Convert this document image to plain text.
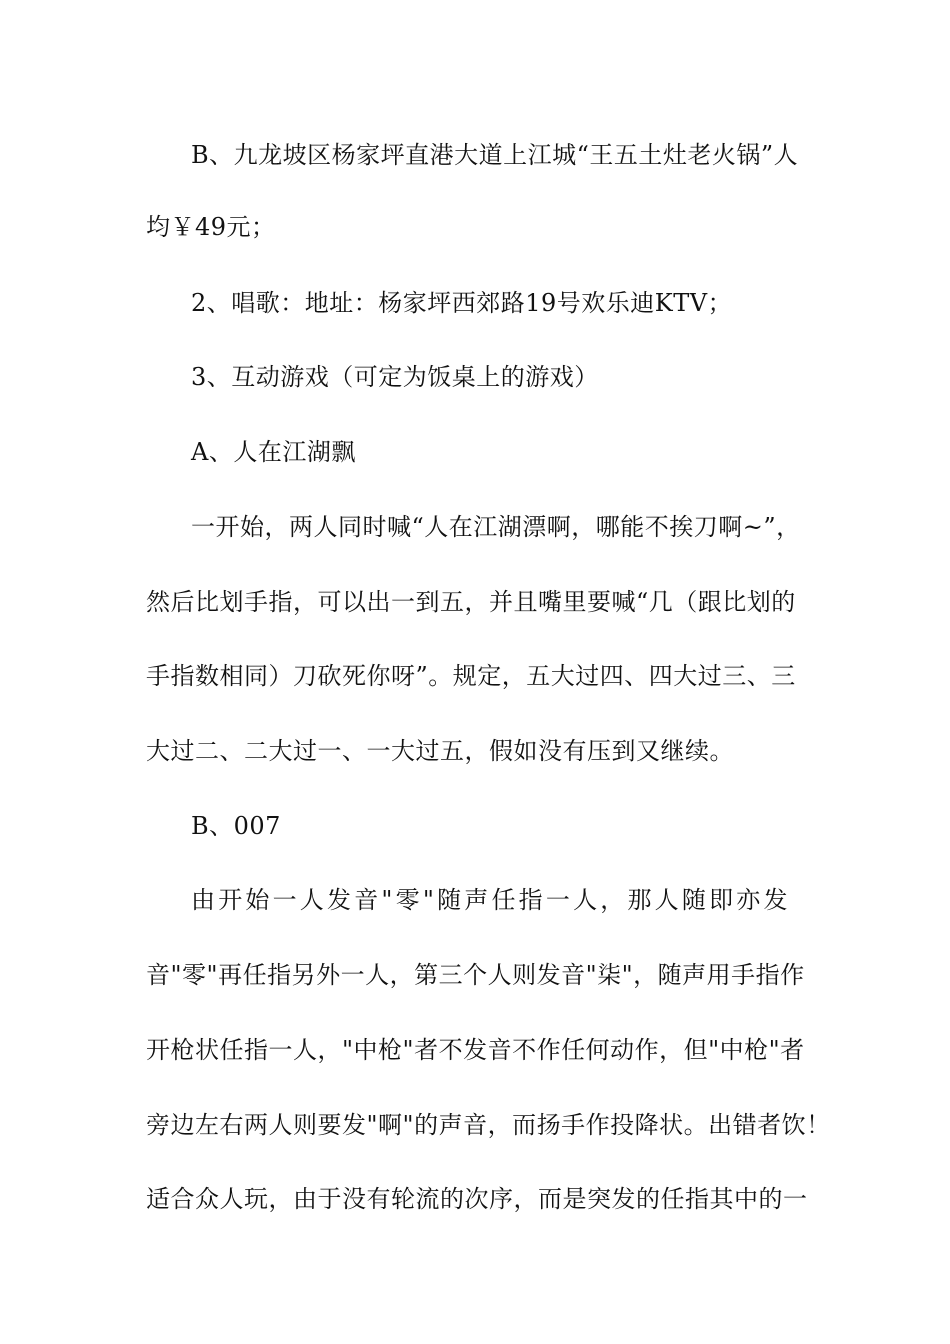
B、九龙坡区杨家坪直港大道上江城“王五土灶老火锅”人
均￥49元；
2、唱歌：地址：杨家坪西郊路19号欢乐迪KTV；
3、互动游戏（可定为饭桌上的游戏）
A、人在江湖飘
一开始，两人同时喊“人在江湖漂啊，哪能不挨刀啊~”，
然后比划手指，可以出一到五，并且嘴里要喊“几（跟比划的
手指数相同）刀砍死你呀”。规定，五大过四、四大过三、三
大过二、二大过一、一大过五，假如没有压到又继续。
B、007
由开始一人发音"零"随声任指一人，那人随即亦发
音"零"再任指另外一人，第三个人则发音"柒"，随声用手指作
开枪状任指一人，"中枪"者不发音不作任何动作，但"中枪"者
旁边左右两人则要发"啊"的声音，而扬手作投降状。出错者饮！
适合众人玩，由于没有轮流的次序，而是突发的任指其中的一
